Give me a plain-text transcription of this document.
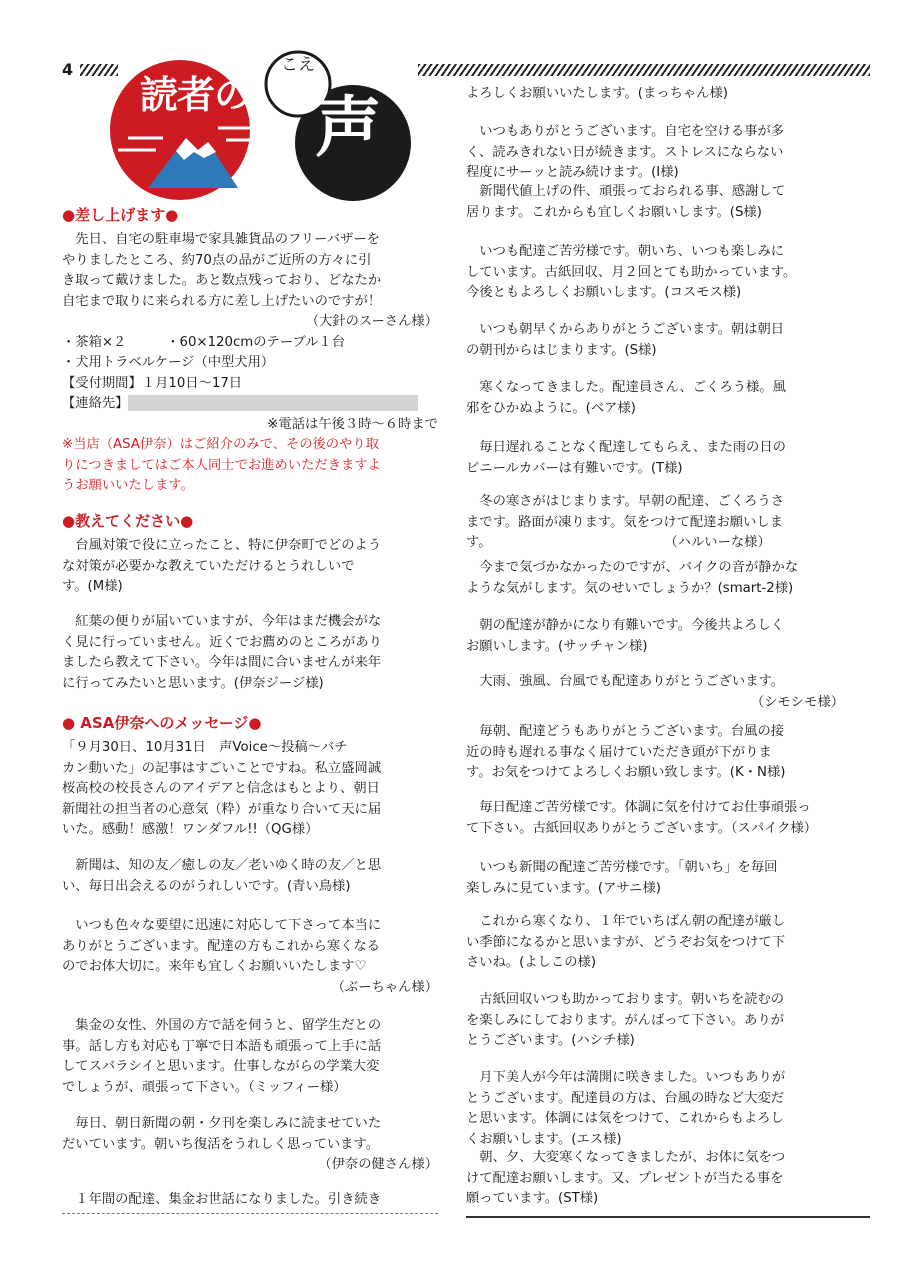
4
読者の
こえ
声
●差し上げます●

　先日、自宅の駐車場で家具雑貨品のフリーバザーを

やりましたところ、約70点の品がご近所の方々に引

き取って戴けました。あと数点残っており、どなたか

自宅まで取りに来られる方に差し上げたいのですが！

（大針のスーさん様）

・茶箱×２　　　・60×120cmのテーブル１台

・犬用トラベルケージ（中型犬用）

【受付期間】１月10日～17日

【連絡先】

※電話は午後３時～６時まで

※当店（ASA伊奈）はご紹介のみで、その後のやり取

りにつきましてはご本人同士でお進めいただきますよ

うお願いいたします。

●教えてください●

　台風対策で役に立ったこと、特に伊奈町でどのよう

な対策が必要かな教えていただけるとうれしいで

す。(M様)

　紅葉の便りが届いていますが、今年はまだ機会がな

く見に行っていません。近くでお薦めのところがあり

ましたら教えて下さい。今年は間に合いませんが来年

に行ってみたいと思います。(伊奈ジージ様)

● ASA伊奈へのメッセージ●

「９月30日、10月31日　声Voice～投稿～バチ

カン動いた」の記事はすごいことですね。私立盛岡誠

桜高校の校長さんのアイデアと信念はもとより、朝日

新聞社の担当者の心意気（粋）が重なり合いて天に届

いた。感動！感激！ワンダフル!!（QG様）

　新聞は、知の友／癒しの友／老いゆく時の友／と思

い、毎日出会えるのがうれしいです。(青い鳥様)

　いつも色々な要望に迅速に対応して下さって本当に

ありがとうございます。配達の方もこれから寒くなる

のでお体大切に。来年も宜しくお願いいたします♡

（ぶーちゃん様）

　集金の女性、外国の方で話を伺うと、留学生だとの

事。話し方も対応も丁寧で日本語も頑張って上手に話

してスバラシイと思います。仕事しながらの学業大変

でしょうが、頑張って下さい。（ミッフィー様）

　毎日、朝日新聞の朝・夕刊を楽しみに読ませていた

だいています。朝いち復活をうれしく思っています。

（伊奈の健さん様）

　１年間の配達、集金お世話になりました。引き続き

よろしくお願いいたします。(まっちゃん様)

　いつもありがとうございます。自宅を空ける事が多

く、読みきれない日が続きます。ストレスにならない

程度にサーッと読み続けます。(I様)

　新聞代値上げの件、頑張っておられる事、感謝して

居ります。これからも宜しくお願いします。(S様)

　いつも配達ご苦労様です。朝いち、いつも楽しみに

しています。古紙回収、月２回とても助かっています。

今後ともよろしくお願いします。(コスモス様)

　いつも朝早くからありがとうございます。朝は朝日

の朝刊からはじまります。(S様)

　寒くなってきました。配達員さん、ごくろう様。風

邪をひかぬように。(ベア様)

　毎日遅れることなく配達してもらえ、また雨の日の

ビニールカバーは有難いです。(T様)

　冬の寒さがはじまります。早朝の配達、ごくろうさ

まです。路面が凍ります。気をつけて配達お願いしま

す。　　　　　　　　　　　　　　（ハルいーな様）

　今まで気づかなかったのですが、バイクの音が静かな

ような気がします。気のせいでしょうか？(smart-2様)

　朝の配達が静かになり有難いです。今後共よろしく

お願いします。(サッチャン様)

　大雨、強風、台風でも配達ありがとうございます。

（シモシモ様）

　毎朝、配達どうもありがとうございます。台風の接

近の時も遅れる事なく届けていただき頭が下がりま

す。お気をつけてよろしくお願い致します。(K・N様)

　毎日配達ご苦労様です。体調に気を付けてお仕事頑張っ

て下さい。古紙回収ありがとうございます。（スパイク様）

　いつも新聞の配達ご苦労様です。「朝いち」を毎回

楽しみに見ています。(アサニ様)

　これから寒くなり、１年でいちばん朝の配達が厳し

い季節になるかと思いますが、どうぞお気をつけて下

さいね。(よしこの様)

　古紙回収いつも助かっております。朝いちを読むの

を楽しみにしております。がんばって下さい。ありが

とうございます。(ハシチ様)

　月下美人が今年は満開に咲きました。いつもありが

とうございます。配達員の方は、台風の時など大変だ

と思います。体調には気をつけて、これからもよろし

くお願いします。(エス様)

　朝、夕、大変寒くなってきましたが、お体に気をつ

けて配達お願いします。又、プレゼントが当たる事を

願っています。(ST様)
